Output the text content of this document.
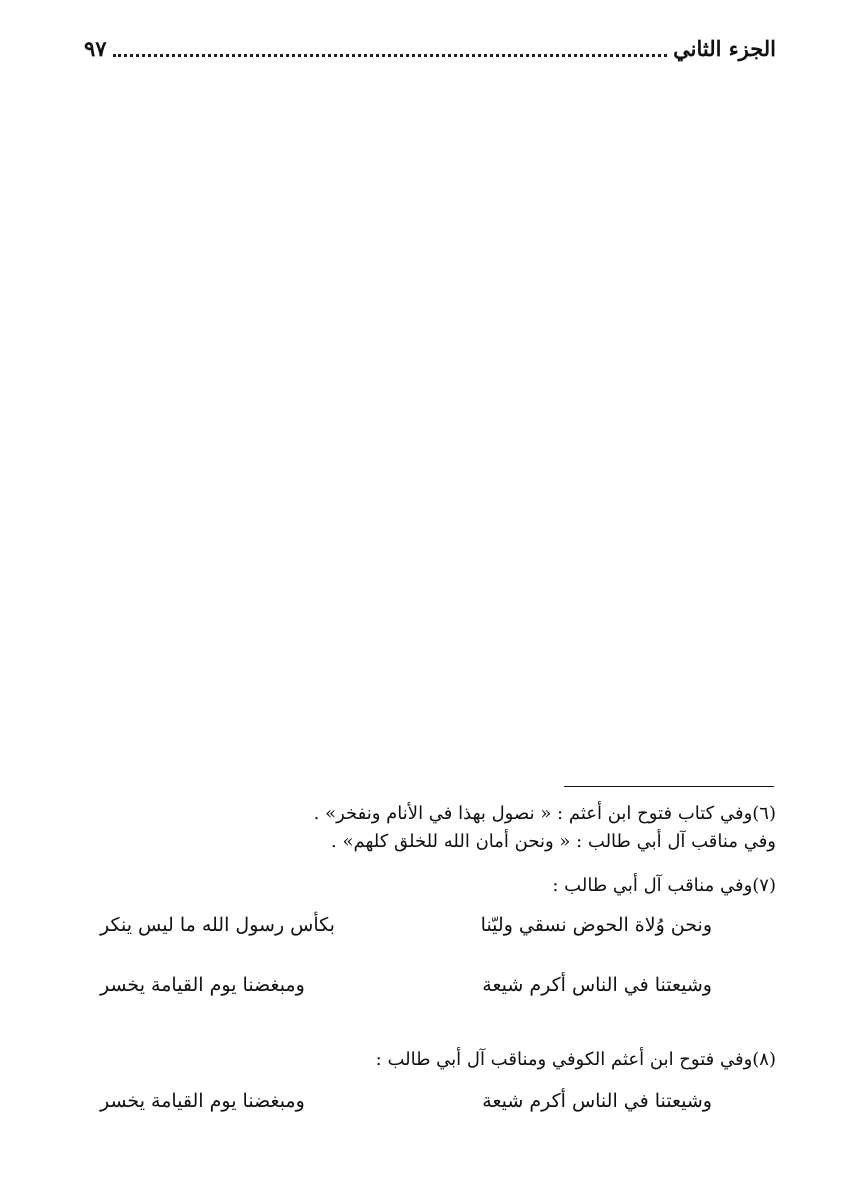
الجزء الثاني
٩٧
(٦)وفي كتاب فتوح ابن أعثم : « نصول بهذا في الأنام ونفخر» .
وفي مناقب آل أبي طالب : « ونحن أمان الله للخلق كلهم» .
(٧)وفي مناقب آل أبي طالب :
ونحن وُلاة الحوض نسقي وليّنا
بكأس رسول الله ما ليس ينكر
وشيعتنا في الناس أكرم شيعة
ومبغضنا يوم القيامة يخسر
(٨)وفي فتوح ابن أعثم الكوفي ومناقب آل أبي طالب :
وشيعتنا في الناس أكرم شيعة
ومبغضنا يوم القيامة يخسر
